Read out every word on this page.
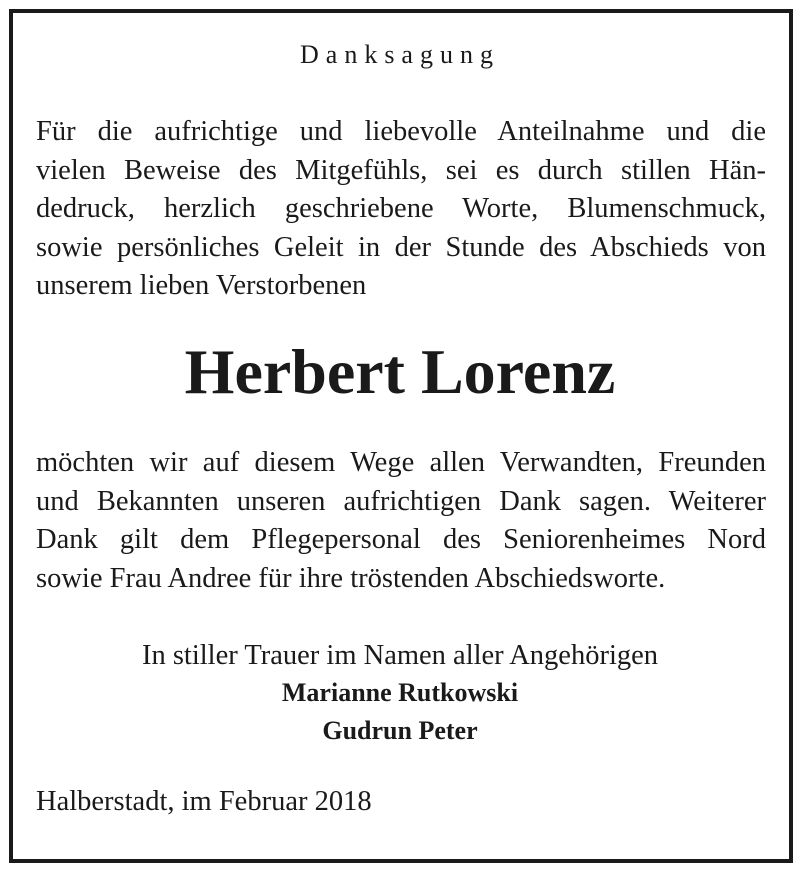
Danksagung

Für die aufrichtige und liebevolle Anteilnahme und die
vielen Beweise des Mitgefühls, sei es durch stillen Hän-
dedruck, herzlich geschriebene Worte, Blumenschmuck,
sowie persönliches Geleit in der Stunde des Abschieds von
unserem lieben Verstorbenen

Herbert Lorenz

möchten wir auf diesem Wege allen Verwandten, Freunden
und Bekannten unseren aufrichtigen Dank sagen. Weiterer
Dank gilt dem Pflegepersonal des Seniorenheimes Nord
sowie Frau Andree für ihre tröstenden Abschiedsworte.

In stiller Trauer im Namen aller Angehörigen
Marianne Rutkowski
Gudrun Peter
Halberstadt, im Februar 2018
